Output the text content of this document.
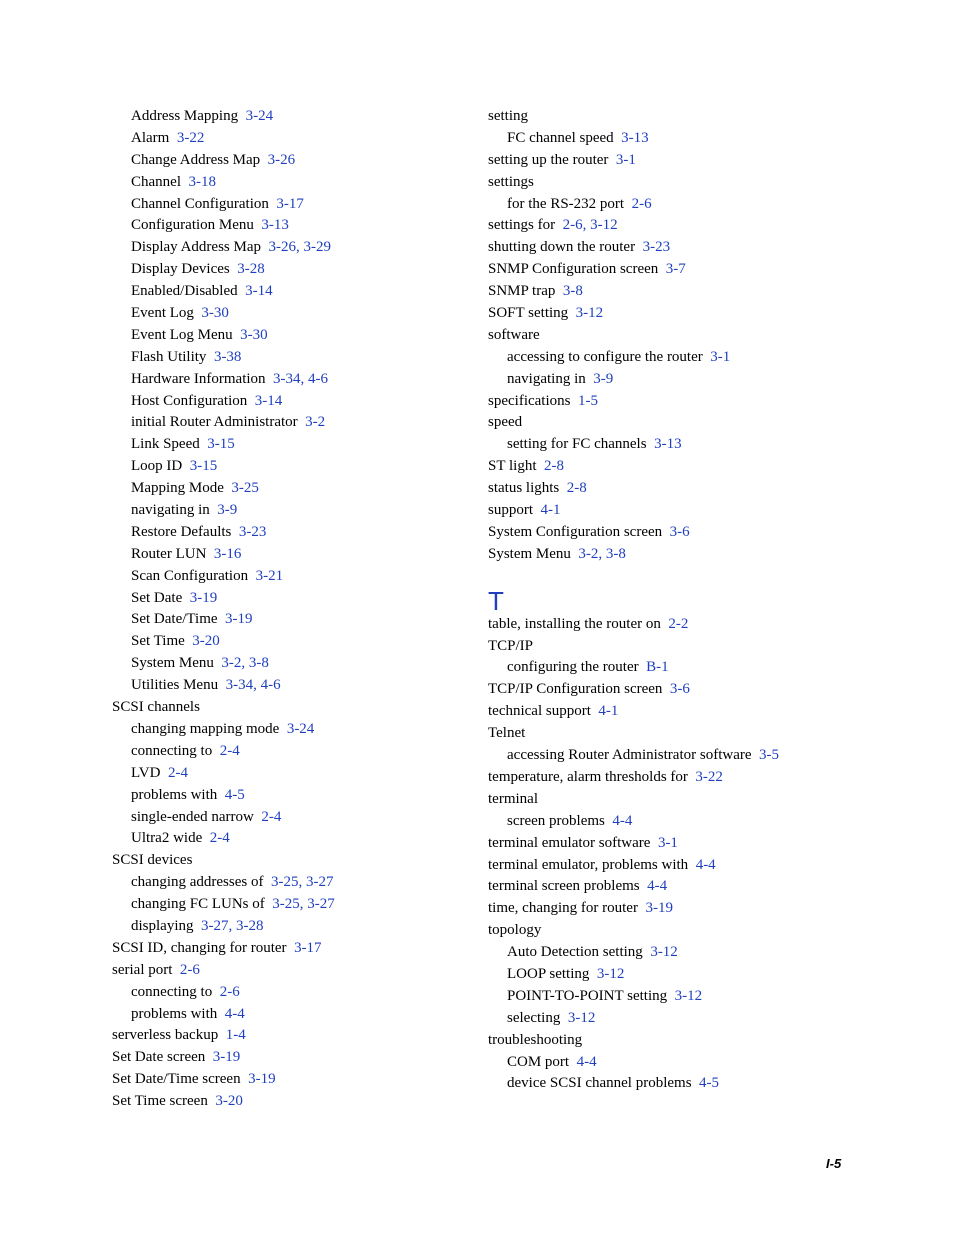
Address Mapping 3-24
Alarm 3-22
Change Address Map 3-26
Channel 3-18
Channel Configuration 3-17
Configuration Menu 3-13
Display Address Map 3-26, 3-29
Display Devices 3-28
Enabled/Disabled 3-14
Event Log 3-30
Event Log Menu 3-30
Flash Utility 3-38
Hardware Information 3-34, 4-6
Host Configuration 3-14
initial Router Administrator 3-2
Link Speed 3-15
Loop ID 3-15
Mapping Mode 3-25
navigating in 3-9
Restore Defaults 3-23
Router LUN 3-16
Scan Configuration 3-21
Set Date 3-19
Set Date/Time 3-19
Set Time 3-20
System Menu 3-2, 3-8
Utilities Menu 3-34, 4-6
SCSI channels
changing mapping mode 3-24
connecting to 2-4
LVD 2-4
problems with 4-5
single-ended narrow 2-4
Ultra2 wide 2-4
SCSI devices
changing addresses of 3-25, 3-27
changing FC LUNs of 3-25, 3-27
displaying 3-27, 3-28
SCSI ID, changing for router 3-17
serial port 2-6
connecting to 2-6
problems with 4-4
serverless backup 1-4
Set Date screen 3-19
Set Date/Time screen 3-19
Set Time screen 3-20
setting
FC channel speed 3-13
setting up the router 3-1
settings
for the RS-232 port 2-6
settings for 2-6, 3-12
shutting down the router 3-23
SNMP Configuration screen 3-7
SNMP trap 3-8
SOFT setting 3-12
software
accessing to configure the router 3-1
navigating in 3-9
specifications 1-5
speed
setting for FC channels 3-13
ST light 2-8
status lights 2-8
support 4-1
System Configuration screen 3-6
System Menu 3-2, 3-8
T
table, installing the router on 2-2
TCP/IP
configuring the router B-1
TCP/IP Configuration screen 3-6
technical support 4-1
Telnet
accessing Router Administrator software 3-5
temperature, alarm thresholds for 3-22
terminal
screen problems 4-4
terminal emulator software 3-1
terminal emulator, problems with 4-4
terminal screen problems 4-4
time, changing for router 3-19
topology
Auto Detection setting 3-12
LOOP setting 3-12
POINT-TO-POINT setting 3-12
selecting 3-12
troubleshooting
COM port 4-4
device SCSI channel problems 4-5
I-5
